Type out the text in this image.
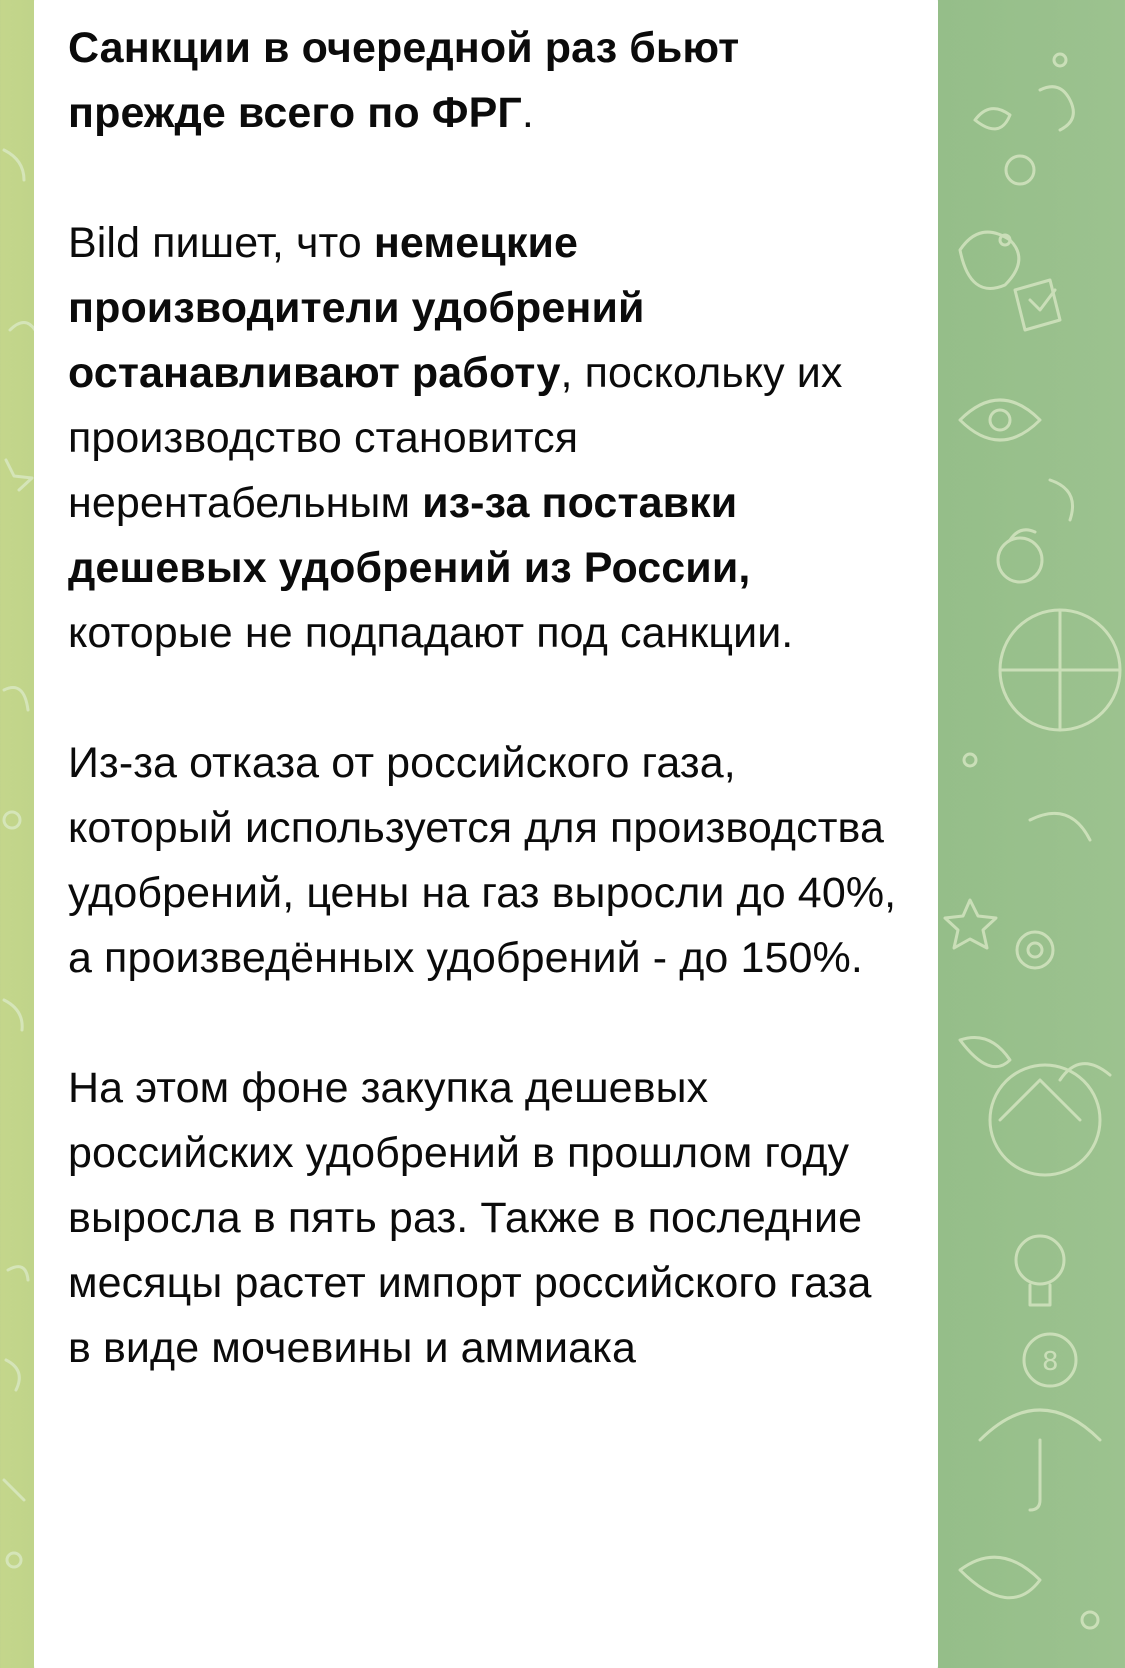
8

Санкции в очередной раз бьют прежде всего по ФРГ.

Bild пишет, что немецкие производители удобрений останавливают работу, поскольку их производство становится нерентабельным из-за поставки дешевых удобрений из России, которые не подпадают под санкции.

Из-за отказа от российского газа, который используется для производства удобрений, цены на газ выросли до 40%,

а произведённых удобрений - до 150%.

На этом фоне закупка дешевых российских удобрений в прошлом году выросла в пять раз. Также в последние месяцы растет импорт российского газа в виде мочевины и аммиака
